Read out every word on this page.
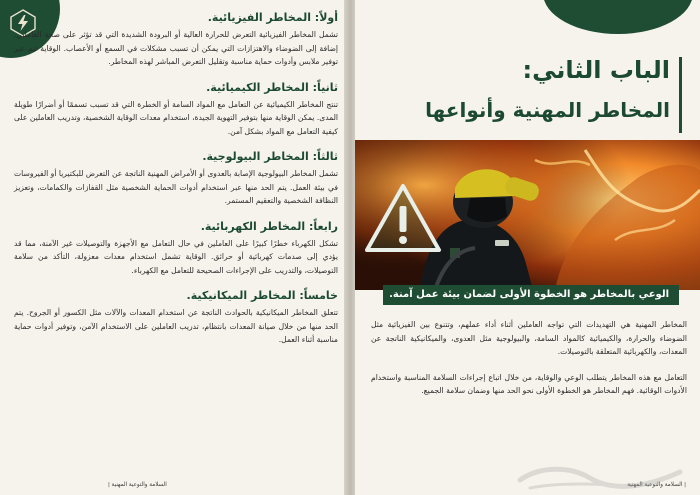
أولاً: المخاطر الفيزيائية.

تشمل المخاطر الفيزيائية التعرض للحرارة العالية أو البرودة الشديدة التي قد تؤثر على صحة العاملين. إضافة إلى الضوضاء والاهتزازات التي يمكن أن تسبب مشكلات في السمع أو الأعصاب. الوقاية تتم عبر توفير ملابس وأدوات حماية مناسبة وتقليل التعرض المباشر لهذه المخاطر.

ثانياً: المخاطر الكيميائية.

تنتج المخاطر الكيميائية عن التعامل مع المواد السامة أو الخطرة التي قد تسبب تسممًا أو أضرارًا طويلة المدى. يمكن الوقاية منها بتوفير التهوية الجيدة، استخدام معدات الوقاية الشخصية، وتدريب العاملين على كيفية التعامل مع المواد بشكل آمن.

ثالثاً: المخاطر البيولوجية.

تشمل المخاطر البيولوجية الإصابة بالعدوى أو الأمراض المهنية الناتجة عن التعرض للبكتيريا أو الفيروسات في بيئة العمل. يتم الحد منها عبر استخدام أدوات الحماية الشخصية مثل القفازات والكمامات، وتعزيز النظافة الشخصية والتعقيم المستمر.

رابعاً: المخاطر الكهربائية.

تشكل الكهرباء خطرًا كبيرًا على العاملين في حال التعامل مع الأجهزة والتوصيلات غير الآمنة، مما قد يؤدي إلى صدمات كهربائية أو حرائق. الوقاية تشمل استخدام معدات معزولة، التأكد من سلامة التوصيلات، والتدريب على الإجراءات الصحيحة للتعامل مع الكهرباء.

خامساً: المخاطر الميكانيكية.

تتعلق المخاطر الميكانيكية بالحوادث الناتجة عن استخدام المعدات والآلات مثل الكسور أو الجروح. يتم الحد منها من خلال صيانة المعدات بانتظام، تدريب العاملين على الاستخدام الآمن، وتوفير أدوات حماية مناسبة أثناء العمل.

السلامة والتوعية المهنية |
الباب الثاني:
المخاطر المهنية وأنواعها
الوعي بالمخاطر هو الخطوة الأولى لضمان بيئة عمل آمنة.

المخاطر المهنية هي التهديدات التي تواجه العاملين أثناء أداء عملهم، وتتنوع بين الفيزيائية مثل الضوضاء والحرارة، والكيميائية كالمواد السامة، والبيولوجية مثل العدوى، والميكانيكية الناتجة عن المعدات، والكهربائية المتعلقة بالتوصيلات.

التعامل مع هذه المخاطر يتطلب الوعي والوقاية، من خلال اتباع إجراءات السلامة المناسبة واستخدام الأدوات الوقائية. فهم المخاطر هو الخطوة الأولى نحو الحد منها وضمان سلامة الجميع.

| السلامة والتوعية المهنية
